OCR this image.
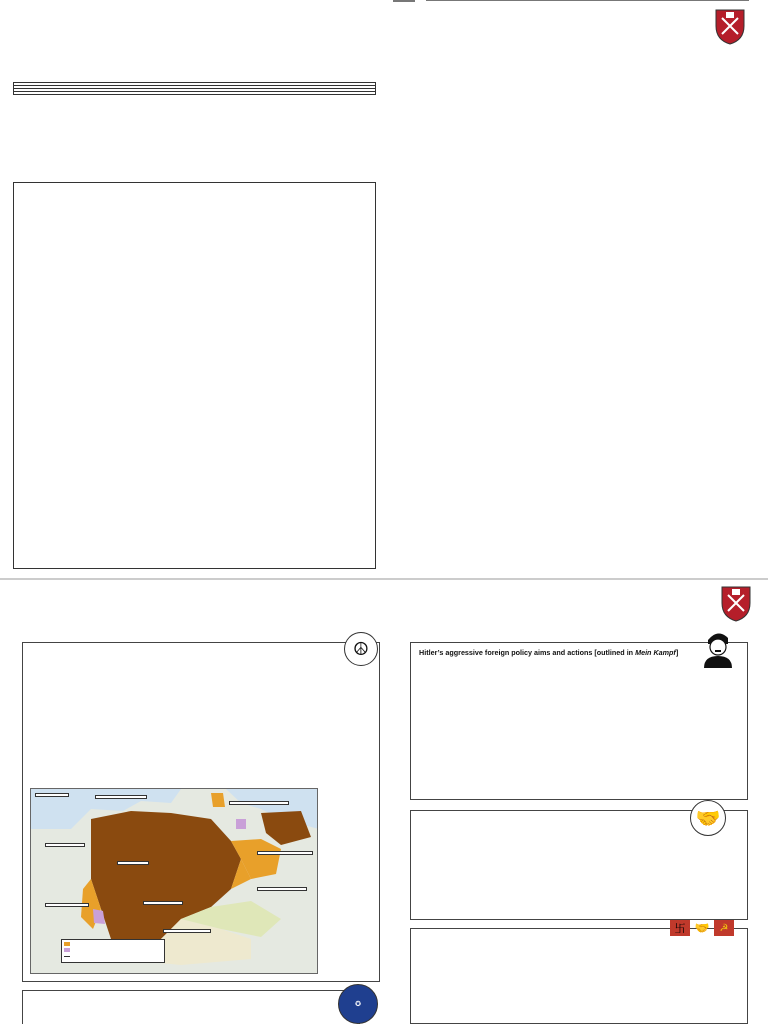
☮	Hitler’s aggressive foreign policy aims and actions [outlined in Mein Kampf]

🤝

卐 🤝	☭
✪
